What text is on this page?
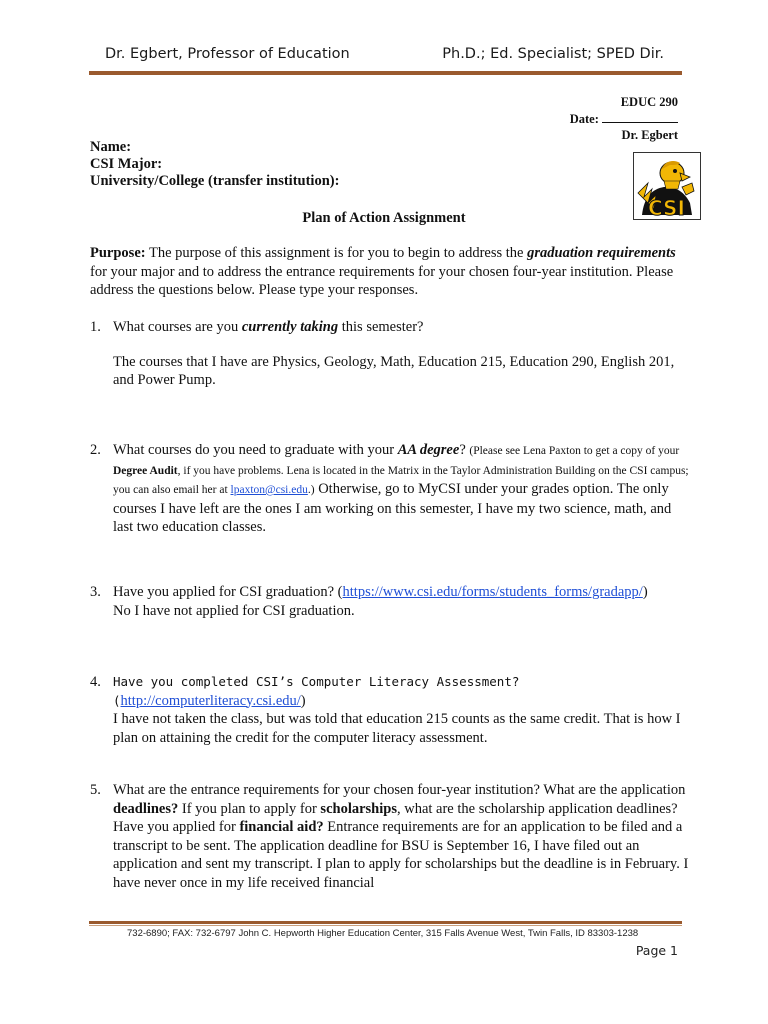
Dr. Egbert, Professor of Education	Ph.D.; Ed. Specialist; SPED Dir.
EDUC 290
Date:
Dr. Egbert
Name:
CSI Major:
University/College (transfer institution):
CSI
Plan of Action Assignment
Purpose: The purpose of this assignment is for you to begin to address the graduation requirements for your major and to address the entrance requirements for your chosen four-year institution. Please address the questions below. Please type your responses.
1. What courses are you currently taking this semester?

The courses that I have are Physics, Geology, Math, Education 215, Education 290, English 201, and Power Pump.

2. What courses do you need to graduate with your AA degree? (Please see Lena Paxton to get a copy of your Degree Audit, if you have problems. Lena is located in the Matrix in the Taylor Administration Building on the CSI campus; you can also email her at lpaxton@csi.edu.) Otherwise, go to MyCSI under your grades option. The only courses I have left are the ones I am working on this semester, I have my two science, math, and last two education classes.
3. Have you applied for CSI graduation? (https://www.csi.edu/forms/students_forms/gradapp/)

No I have not applied for CSI graduation.

4. Have you completed CSI’s Computer Literacy Assessment? (http://computerliteracy.csi.edu/)

I have not taken the class, but was told that education 215 counts as the same credit. That is how I plan on attaining the credit for the computer literacy assessment.

5. What are the entrance requirements for your chosen four-year institution? What are the application deadlines? If you plan to apply for scholarships, what are the scholarship application deadlines? Have you applied for financial aid? Entrance requirements are for an application to be filed and a transcript to be sent. The application deadline for BSU is September 16, I have filed out an application and sent my transcript. I plan to apply for scholarships but the deadline is in February. I have never once in my life received financial
732-6890; FAX: 732-6797 John C. Hepworth Higher Education Center, 315 Falls Avenue West, Twin Falls, ID 83303-1238
Page 1
